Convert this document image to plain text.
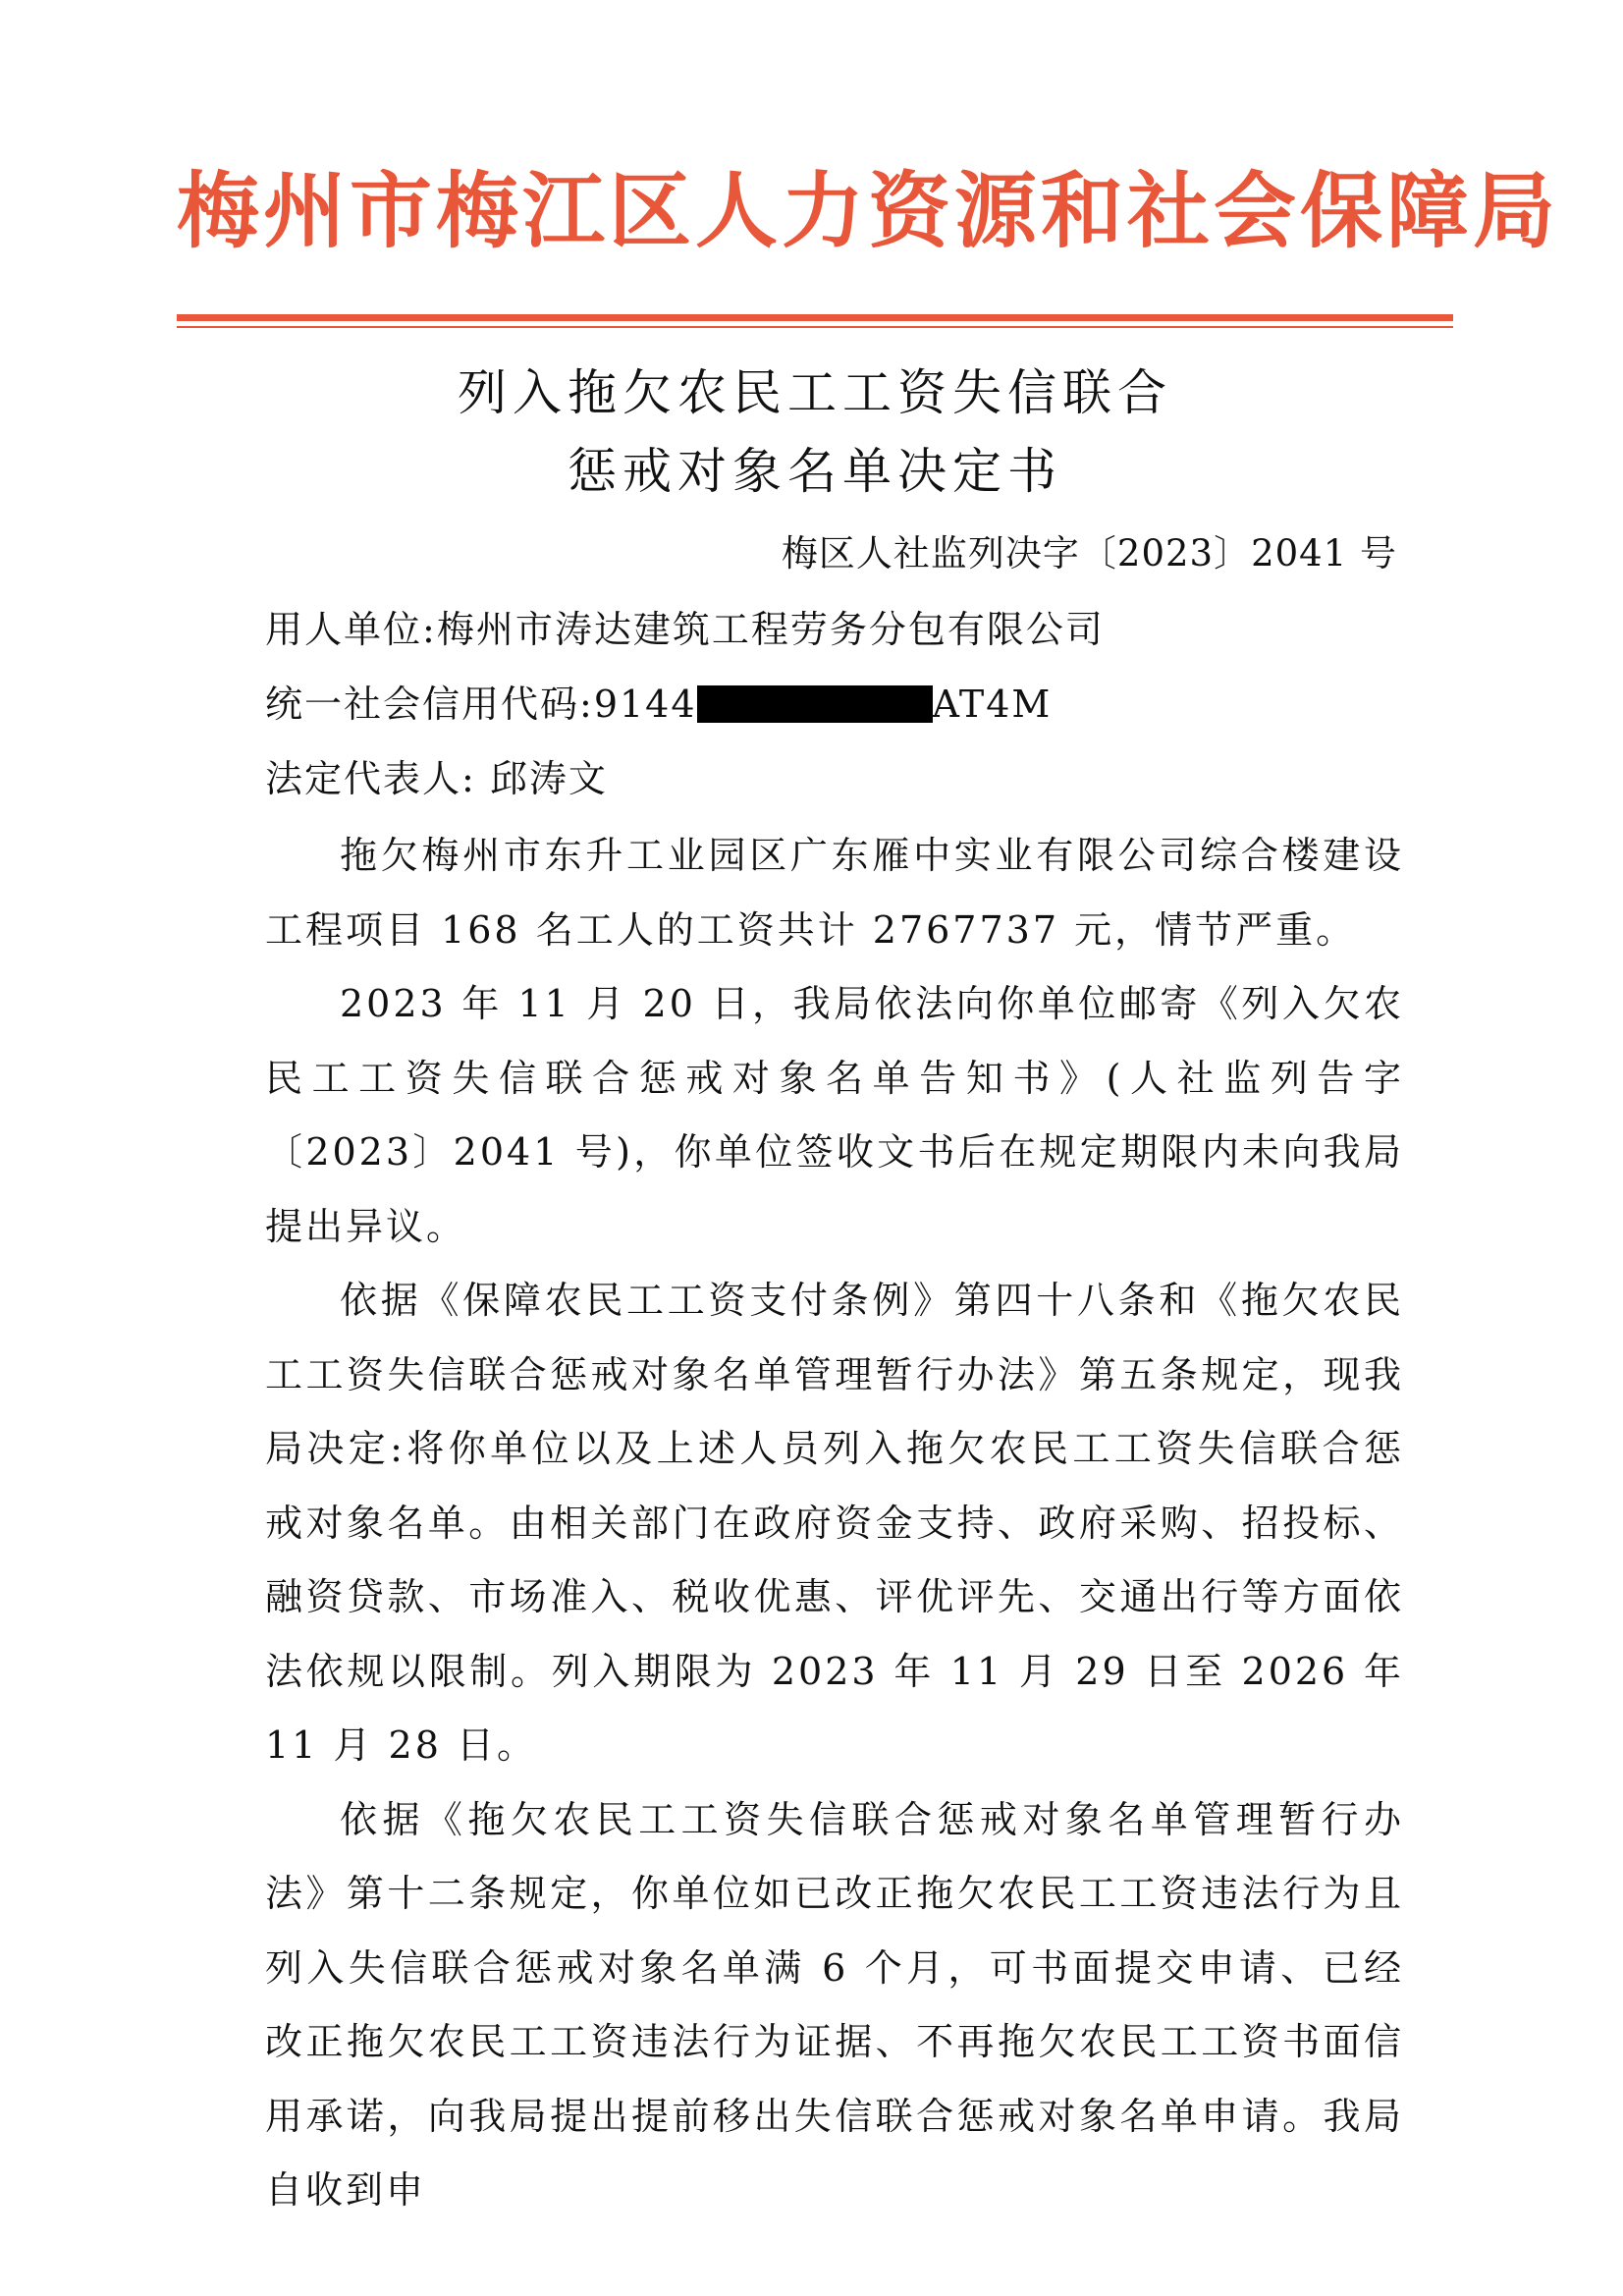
梅州市梅江区人力资源和社会保障局
列入拖欠农民工工资失信联合
惩戒对象名单决定书
梅区人社监列决字〔2023〕2041 号
用人单位:梅州市涛达建筑工程劳务分包有限公司
统一社会信用代码:9144	AT4M
法定代表人: 邱涛文

拖欠梅州市东升工业园区广东雁中实业有限公司综合楼建设工程项目 168 名工人的工资共计 2767737 元，情节严重。

2023 年 11 月 20 日，我局依法向你单位邮寄《列入欠农民工工资失信联合惩戒对象名单告知书》(人社监列告字〔2023〕2041 号)，你单位签收文书后在规定期限内未向我局提出异议。

依据《保障农民工工资支付条例》第四十八条和《拖欠农民工工资失信联合惩戒对象名单管理暂行办法》第五条规定，现我局决定:将你单位以及上述人员列入拖欠农民工工资失信联合惩戒对象名单。由相关部门在政府资金支持、政府采购、招投标、融资贷款、市场准入、税收优惠、评优评先、交通出行等方面依法依规以限制。列入期限为 2023 年 11 月 29 日至 2026 年 11 月 28 日。

依据《拖欠农民工工资失信联合惩戒对象名单管理暂行办法》第十二条规定，你单位如已改正拖欠农民工工资违法行为且列入失信联合惩戒对象名单满 6 个月，可书面提交申请、已经改正拖欠农民工工资违法行为证据、不再拖欠农民工工资书面信用承诺，向我局提出提前移出失信联合惩戒对象名单申请。我局自收到申
